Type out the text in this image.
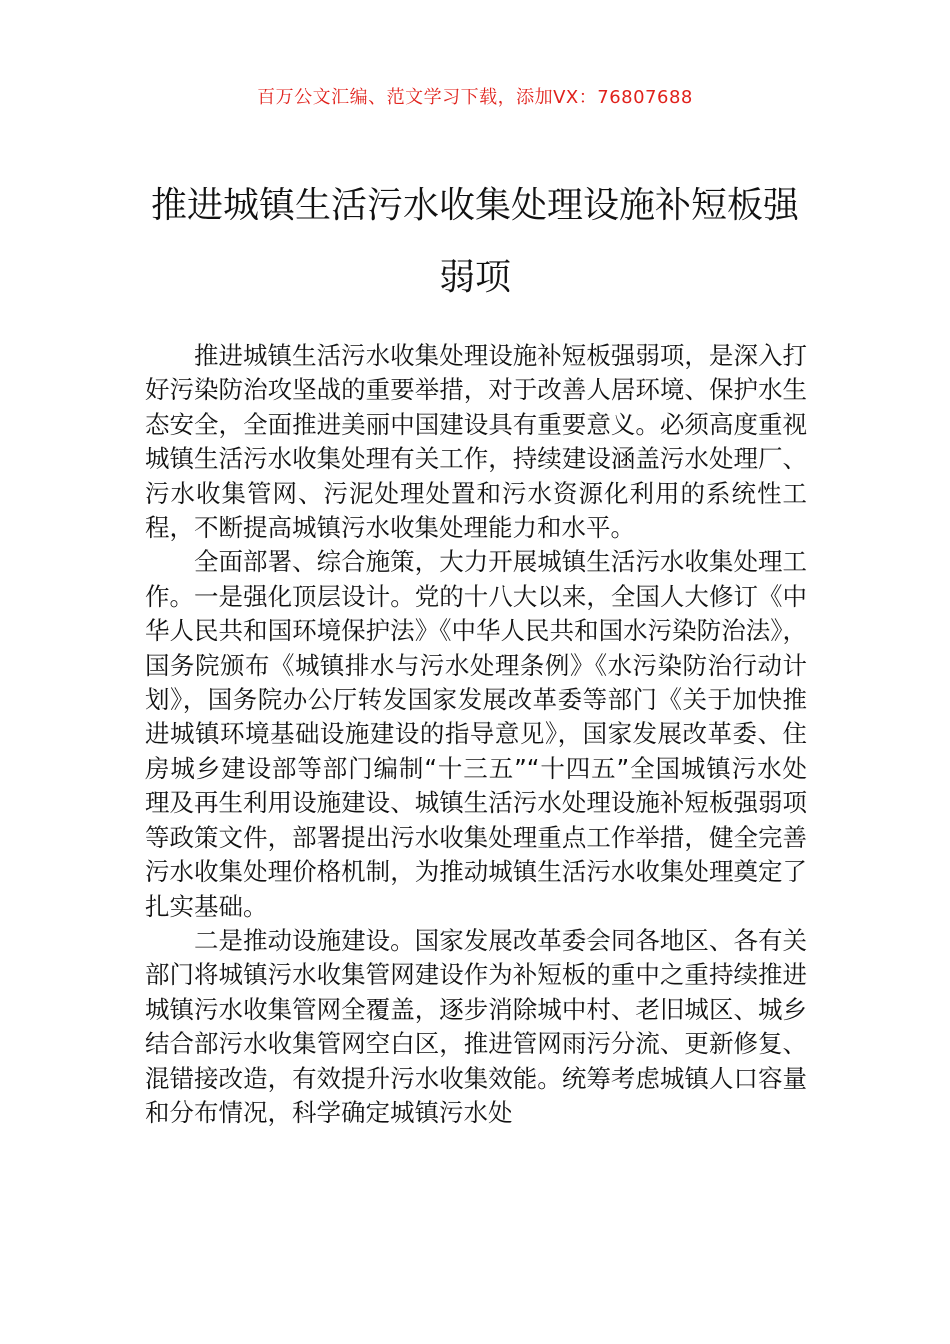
百万公文汇编、范文学习下载，添加VX：76807688
推进城镇生活污水收集处理设施补短板强弱项

推进城镇生活污水收集处理设施补短板强弱项，是深入打好污染防治攻坚战的重要举措，对于改善人居环境、保护水生态安全，全面推进美丽中国建设具有重要意义。必须高度重视城镇生活污水收集处理有关工作，持续建设涵盖污水处理厂、污水收集管网、污泥处理处置和污水资源化利用的系统性工程，不断提高城镇污水收集处理能力和水平。

全面部署、综合施策，大力开展城镇生活污水收集处理工作。一是强化顶层设计。党的十八大以来，全国人大修订《中华人民共和国环境保护法》《中华人民共和国水污染防治法》，国务院颁布《城镇排水与污水处理条例》《水污染防治行动计划》，国务院办公厅转发国家发展改革委等部门《关于加快推进城镇环境基础设施建设的指导意见》，国家发展改革委、住房城乡建设部等部门编制“十三五”“十四五”全国城镇污水处理及再生利用设施建设、城镇生活污水处理设施补短板强弱项等政策文件，部署提出污水收集处理重点工作举措，健全完善污水收集处理价格机制，为推动城镇生活污水收集处理奠定了扎实基础。

二是推动设施建设。国家发展改革委会同各地区、各有关部门将城镇污水收集管网建设作为补短板的重中之重持续推进城镇污水收集管网全覆盖，逐步消除城中村、老旧城区、城乡结合部污水收集管网空白区，推进管网雨污分流、更新修复、混错接改造，有效提升污水收集效能。统筹考虑城镇人口容量和分布情况，科学确定城镇污水处
